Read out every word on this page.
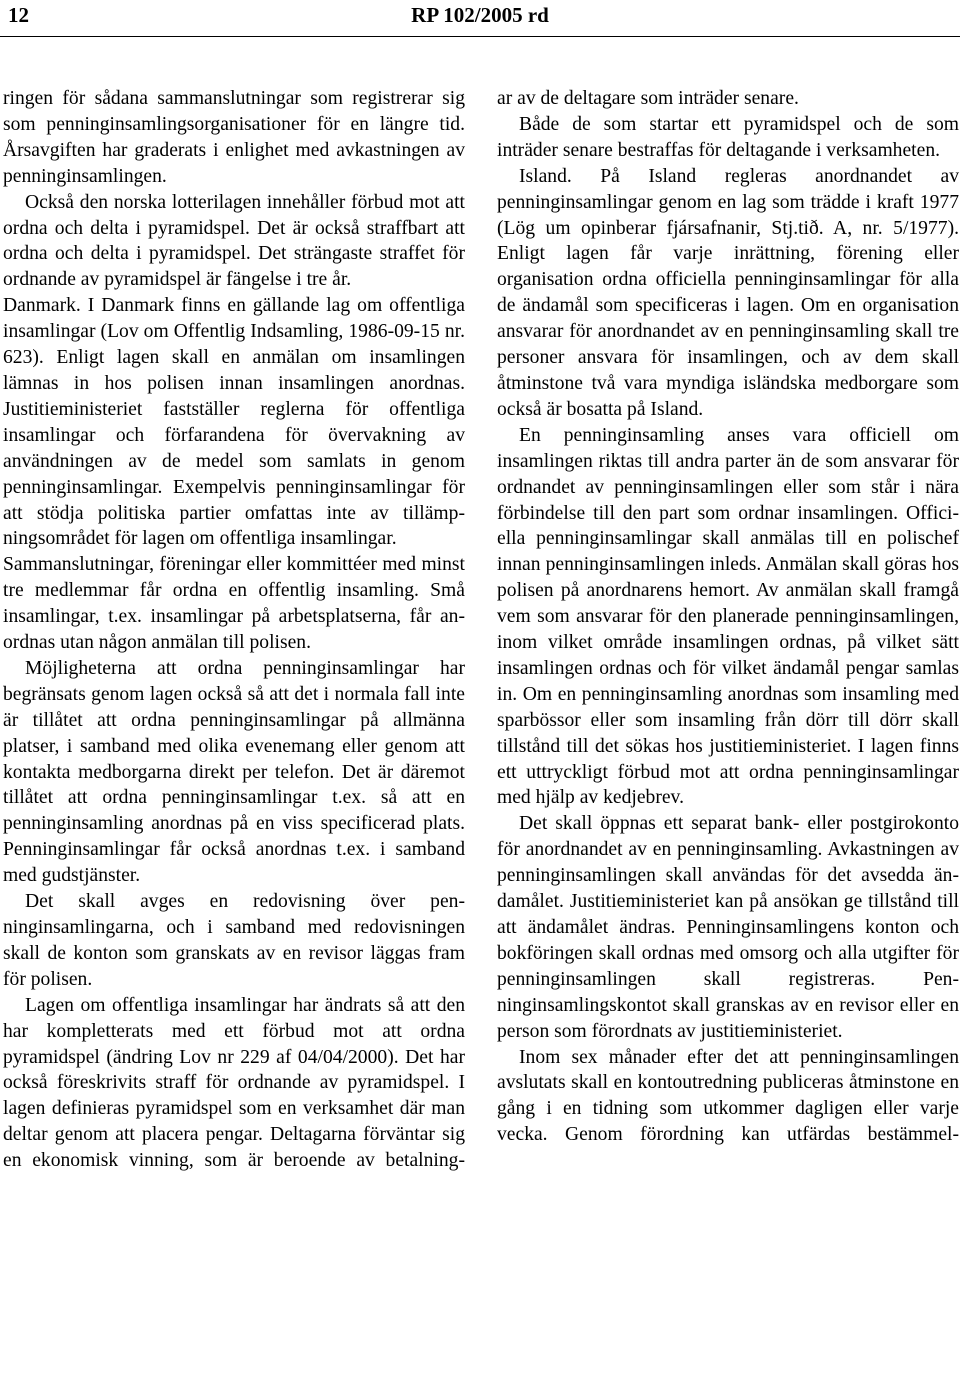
12	RP 102/2005 rd

ringen för sådana sammanslutningar som registrerar sig som penninginsamlingsorganisationer för en längre tid. Årsavgiften har graderats i enlighet med avkastningen av penninginsamlingen.

Också den norska lotterilagen innehåller förbud mot att ordna och delta i pyramidspel. Det är också straffbart att ordna och delta i pyramidspel. Det strängaste straffet för ordnande av pyramidspel är fängelse i tre år.

Danmark. I Danmark finns en gällande lag om offentliga insamlingar (Lov om Offentlig Indsamling, 1986-09-15 nr. 623). Enligt lagen skall en anmälan om insamlingen lämnas in hos polisen innan insamlingen anordnas. Justitieministeriet fastställer reglerna för offentliga insamlingar och förfarandena för övervakning av användningen av de medel som samlats in genom penninginsamlingar. Exempelvis penninginsamlingar för att stödja politiska partier omfattas inte av tillämpningsområdet för lagen om offentliga insamlingar.

Sammanslutningar, föreningar eller kommittéer med minst tre medlemmar får ordna en offentlig insamling. Små insamlingar, t.ex. insamlingar på arbetsplatserna, får anordnas utan någon anmälan till polisen.

Möjligheterna att ordna penninginsamlingar har begränsats genom lagen också så att det i normala fall inte är tillåtet att ordna penninginsamlingar på allmänna platser, i samband med olika evenemang eller genom att kontakta medborgarna direkt per telefon. Det är däremot tillåtet att ordna penninginsamlingar t.ex. så att en penninginsamling anordnas på en viss specificerad plats. Penninginsamlingar får också anordnas t.ex. i samband med gudstjänster.

Det skall avges en redovisning över penninginsamlingarna, och i samband med redovisningen skall de konton som granskats av en revisor läggas fram för polisen.

Lagen om offentliga insamlingar har ändrats så att den har kompletterats med ett förbud mot att ordna pyramidspel (ändring Lov nr 229 af 04/04/2000). Det har också föreskrivits straff för ordnande av pyramidspel. I lagen definieras pyramidspel som en verksamhet där man deltar genom att placera pengar. Deltagarna förväntar sig en ekonomisk vinning, som är beroende av betalning-

ar av de deltagare som inträder senare.

Både de som startar ett pyramidspel och de som inträder senare bestraffas för deltagande i verksamheten.

Island. På Island regleras anordnandet av penninginsamlingar genom en lag som trädde i kraft 1977 (Lög um opinberar fjársafnanir, Stj.tið. A, nr. 5/1977). Enligt lagen får varje inrättning, förening eller organisation ordna officiella penninginsamlingar för alla de ändamål som specificeras i lagen. Om en organisation ansvarar för anordnandet av en penninginsamling skall tre personer ansvara för insamlingen, och av dem skall åtminstone två vara myndiga isländska medborgare som också är bosatta på Island.

En penninginsamling anses vara officiell om insamlingen riktas till andra parter än de som ansvarar för ordnandet av penninginsamlingen eller som står i nära förbindelse till den part som ordnar insamlingen. Officiella penninginsamlingar skall anmälas till en polischef innan penninginsamlingen inleds. Anmälan skall göras hos polisen på anordnarens hemort. Av anmälan skall framgå vem som ansvarar för den planerade penninginsamlingen, inom vilket område insamlingen ordnas, på vilket sätt insamlingen ordnas och för vilket ändamål pengar samlas in. Om en penninginsamling anordnas som insamling med sparbössor eller som insamling från dörr till dörr skall tillstånd till det sökas hos justitieministeriet. I lagen finns ett uttryckligt förbud mot att ordna penninginsamlingar med hjälp av kedjebrev.

Det skall öppnas ett separat bank- eller postgirokonto för anordnandet av en penninginsamling. Avkastningen av penninginsamlingen skall användas för det avsedda ändamålet. Justitieministeriet kan på ansökan ge tillstånd till att ändamålet ändras. Penninginsamlingens konton och bokföringen skall ordnas med omsorg och alla utgifter för penninginsamlingen skall registreras. Penninginsamlingskontot skall granskas av en revisor eller en person som förordnats av justitieministeriet.

Inom sex månader efter det att penninginsamlingen avslutats skall en kontoutredning publiceras åtminstone en gång i en tidning som utkommer dagligen eller varje vecka. Genom förordning kan utfärdas bestämmel-
